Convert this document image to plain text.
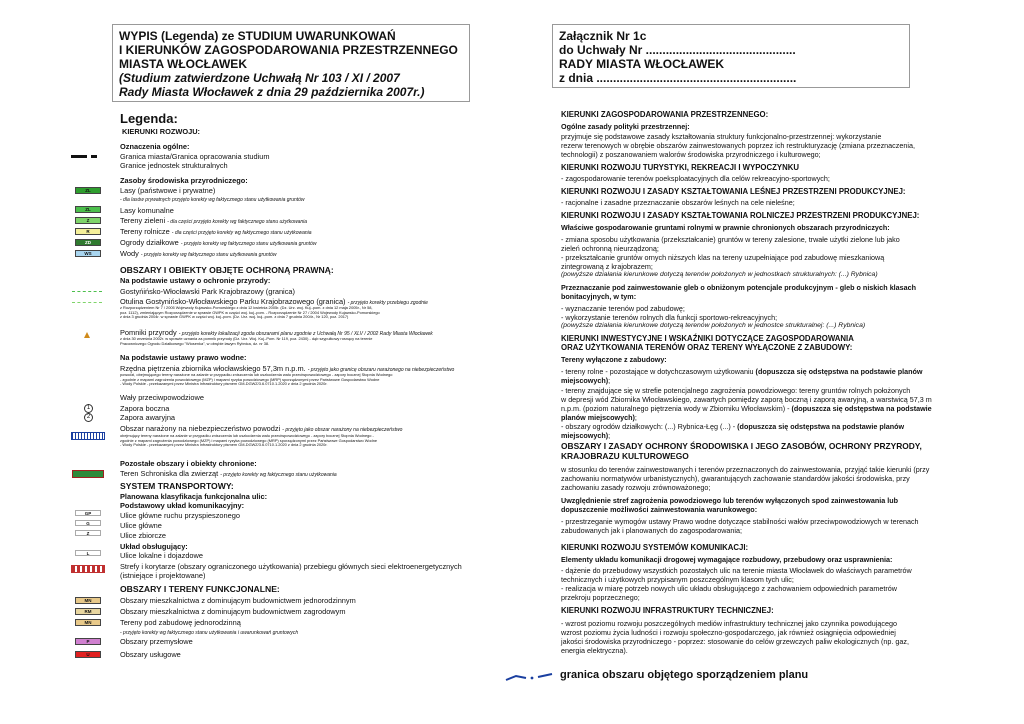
WYPIS (Legenda) ze STUDIUM UWARUNKOWAŃ
I KIERUNKÓW ZAGOSPODAROWANIA PRZESTRZENNEGO
MIASTA WŁOCŁAWEK
(Studium zatwierdzone Uchwałą Nr 103 / XI / 2007
Rady Miasta Włocławek z dnia 29 października 2007r.)
Załącznik Nr 1c
do Uchwały Nr .............................................
RADY MIASTA WŁOCŁAWEK
z dnia ............................................................
Legenda:
KIERUNKI ROZWOJU:
Oznaczenia ogólne:
Granica miasta/Granica opracowania studium
Granice jednostek strukturalnych
Zasoby środowiska przyrodniczego:
ZL	Lasy (państwowe i prywatne)
- dla lasów prywatnych przyjęto korekty wg faktycznego stanu użytkowania gruntów
ZL	Lasy komunalne
Z	Tereny zieleni - dla części przyjęto korekty wg faktycznego stanu użytkowania
R	Tereny rolnicze - dla części przyjęto korekty wg faktycznego stanu użytkowania
ZD	Ogrody działkowe - przyjęto korekty wg faktycznego stanu użytkowania gruntów
WS	Wody - przyjęto korekty wg faktycznego stanu użytkowania gruntów
OBSZARY I OBIEKTY OBJĘTE OCHRONĄ PRAWNĄ:
Na podstawie ustawy o ochronie przyrody:
Gostyńińsko-Włocławski Park Krajobrazowy (granica)
Otulina Gostynińsko-Włocławskiego Parku Krajobrazowego (granica) - przyjęto korekty przebiegu zgodnie
z Rozporządzeniem Nr 7 / 2005 Wojewody Kujawsko-Pomorskiego z dnia 12 kwietnia 2005r. (Dz. Urz. woj. Kuj.-pom. z dnia 12 maja 2005r., Nr 58,
poz. 1112), zmieniającym Rozporządzenie w sprawie GWPK w części woj. kuj.-pom. - Rozporządzenie Nr 27 / 2004 Wojewody Kujawsko-Pomorskiego
z dnia 3 grudnia 2004r. w sprawie GWPK w części woj. kuj.-pom. (Dz. Urz. woj. kuj.-pom. z dnia 7 grudnia 2004r., Nr 120, poz. 2017)
Pomniki przyrody - przyjęto korekty lokalizacji zgoda obszarami planu zgodnie z Uchwałą Nr 95 / XLV / 2002 Rady Miasta Włocławek
z dnia 30 września 2002r. w sprawie uznania za pomnik przyrody (Dz. Urz. Woj. Kuj.-Pom. Nr 119, poz. 2430) - dąb szypułkowy rosnący na terenie
Pracowniczego Ogrodu Działkowego "Wiosenka", w obrębie ławym Rybnica, dz. nr 38.
Na podstawie ustawy prawo wodne:
Rzędna piętrzenia zbiornika włocławskiego 57,3m n.p.m. - przyjęto jako granicę obszaru narażonego na niebezpieczeństwo
powodzi, obejmującego tereny narażone na zalanie w przypadku zniszczenia lub uszkodzenia wału przeciwpowodziowego - zapory bocznej Stopnia Wodnego
- zgodnie z mapami zagrożenia powodziowego (MZP) i mapami ryzyka powodziowego (MRP) sporządzonymi przez Państwowe Gospodarstwo Wodne
- Wody Polskie - przekazanymi przez Ministra Infrastruktury pismem GM-DGWZ/3.6.0710.1.2020 z dnia 2 grudnia 2020r.
Wały przeciwpowodziowe
1	Zapora boczna
2	Zapora awaryjna
Obszar narażony na niebezpieczeństwo powodzi - przyjęto jako obszar narażony na niebezpieczeństwo
obejmujący tereny narażone na zalanie w przypadku zniszczenia lub uszkodzenia wału przeciwpowodziowego - zapory bocznej Stopnia Wodnego -
zgodnie z mapami zagrożenia powodziowego (MZP) i mapami ryzyka powodziowego (MRP) sporządzonymi przez Państwowe Gospodarstwo Wodne
- Wody Polskie - przekazanymi przez Ministra Infrastruktury pismem GM-DGWZ/3.6.0710.1.2020 z dnia 2 grudnia 2020r.
Pozostałe obszary i obiekty chronione:
Teren Schroniska dla zwierząt - przyjęto korekty wg faktycznego stanu użytkowania
SYSTEM TRANSPORTOWY:
Planowana klasyfikacja funkcjonalna ulic:
Podstawowy układ komunikacyjny:
GP	Ulice główne ruchu przyspieszonego
G	Ulice główne
Z	Ulice zbiorcze
Układ obsługujący:
L	Ulice lokalne i dojazdowe
Strefy i korytarze (obszary ograniczonego użytkowania) przebiegu głównych sieci elektroenergetycznych
(istniejące i projektowane)
OBSZARY I TERENY FUNKCJONALNE:
MN	Obszary mieszkalnictwa z dominującym budownictwem jednorodzinnym
RM	Obszary mieszkalnictwa z dominującym budownictwem zagrodowym
MN	Tereny pod zabudowę jednorodzinną
- przyjęto korekty wg faktycznego stanu użytkowania i uwarunkowań gruntowych
P	Obszary przemysłowe
U	Obszary usługowe
KIERUNKI ZAGOSPODAROWANIA PRZESTRZENNEGO:
Ogólne zasady polityki przestrzennej:
przyjmuje się podstawowe zasady kształtowania struktury funkcjonalno-przestrzennej: wykorzystanie
rezerw terenowych w obrębie obszarów zainwestowanych poprzez ich restrukturyzację (zmiana przeznaczenia,
technologii) z poszanowaniem walorów środowiska przyrodniczego i kulturowego;
KIERUNKI ROZWOJU TURYSTYKI, REKREACJI I WYPOCZYNKU
- zagospodarowanie terenów poeksploatacyjnych dla celów rekreacyjno-sportowych;
KIERUNKI ROZWOJU I ZASADY KSZTAŁTOWANIA LEŚNEJ PRZESTRZENI PRODUKCYJNEJ:
- racjonalne i zasadne przeznaczanie obszarów leśnych na cele nieleśne;
KIERUNKI ROZWOJU I ZASADY KSZTAŁTOWANIA ROLNICZEJ PRZESTRZENI PRODUKCYJNEJ:
Właściwe gospodarowanie gruntami rolnymi w prawnie chronionych obszarach przyrodniczych:
- zmiana sposobu użytkowania (przekształcanie) gruntów w tereny zalesione, trwałe użytki zielone lub jako
zieleń ochronną nieurządzoną;
- przekształcanie gruntów ornych niższych klas na tereny uzupełniające pod zabudowę mieszkaniową
zintegrowaną z krajobrazem;
(powyższe działania kierunkowe dotyczą terenów położonych w jednostkach strukturalnych: (...) Rybnica)
Przeznaczanie pod zainwestowanie gleb o obniżonym potencjale produkcyjnym - gleb o niskich klasach
bonitacyjnych, w tym:
- wyznaczanie terenów pod zabudowę;
- wykorzystanie terenów rolnych dla funkcji sportowo-rekreacyjnych;
(powyższe działania kierunkowe dotyczą terenów położonych w jednostce strukturalnej: (...) Rybnica)
KIERUNKI INWESTYCYJNE I WSKAŹNIKI DOTYCZĄCE ZAGOSPODAROWANIA
ORAZ UŻYTKOWANIA TERENÓW ORAZ TERENY WYŁĄCZONE Z ZABUDOWY:
Tereny wyłączone z zabudowy:
- tereny rolne - pozostające w dotychczasowym użytkowaniu (dopuszcza się odstępstwa na podstawie planów
miejscowych);
- tereny znajdujące się w strefie potencjalnego zagrożenia powodziowego: tereny gruntów rolnych położonych
w depresji wód Zbiornika Włocławskiego, zawartych pomiędzy zaporą boczną i zaporą awaryjną, a warstwicą 57,3 m
n.p.m. (poziom naturalnego piętrzenia wody w Zbiorniku Włocławskim) - (dopuszcza się odstępstwa na podstawie
planów miejscowych);
- obszary ogrodów działkowych: (...) Rybnica-Łęg (...) - (dopuszcza się odstępstwa na podstawie planów
miejscowych);
OBSZARY I ZASADY OCHRONY ŚRODOWISKA I JEGO ZASOBÓW, OCHRONY PRZYRODY,
KRAJOBRAZU KULTUROWEGO
w stosunku do terenów zainwestowanych i terenów przeznaczonych do zainwestowania, przyjąć takie kierunki (przy
zachowaniu normatywów urbanistycznych), gwarantujących zachowanie standardów jakości środowiska, przy
zachowaniu zasady rozwoju zrównoważonego;
Uwzględnienie stref zagrożenia powodziowego lub terenów wyłączonych spod zainwestowania lub
dopuszczenie możliwości zainwestowania warunkowego:
- przestrzeganie wymogów ustawy Prawo wodne dotyczące stabilności wałów przeciwpowodziowych w terenach
zabudowanych jak i planowanych do zagospodarowania;
KIERUNKI ROZWOJU SYSTEMÓW KOMUNIKACJI:
Elementy układu komunikacji drogowej wymagające rozbudowy, przebudowy oraz usprawnienia:
- dążenie do przebudowy wszystkich pozostałych ulic na terenie miasta Włocławek do właściwych parametrów
technicznych i użytkowych przypisanym poszczególnym klasom tych ulic;
- realizacja w miarę potrzeb nowych ulic układu obsługującego z zachowaniem odpowiednich parametrów
przekroju poprzecznego;
KIERUNKI ROZWOJU INFRASTRUKTURY TECHNICZNEJ:
- wzrost poziomu rozwoju poszczególnych mediów infrastruktury technicznej jako czynnika powodującego
wzrost poziomu życia ludności i rozwoju społeczno-gospodarczego, jak również osiągnięcia odpowiedniej
jakości środowiska przyrodniczego - poprzez: stosowanie do celów grzewczych paliw ekologicznych (np. gaz,
energia elektryczna).
granica obszaru objętego sporządzeniem planu
